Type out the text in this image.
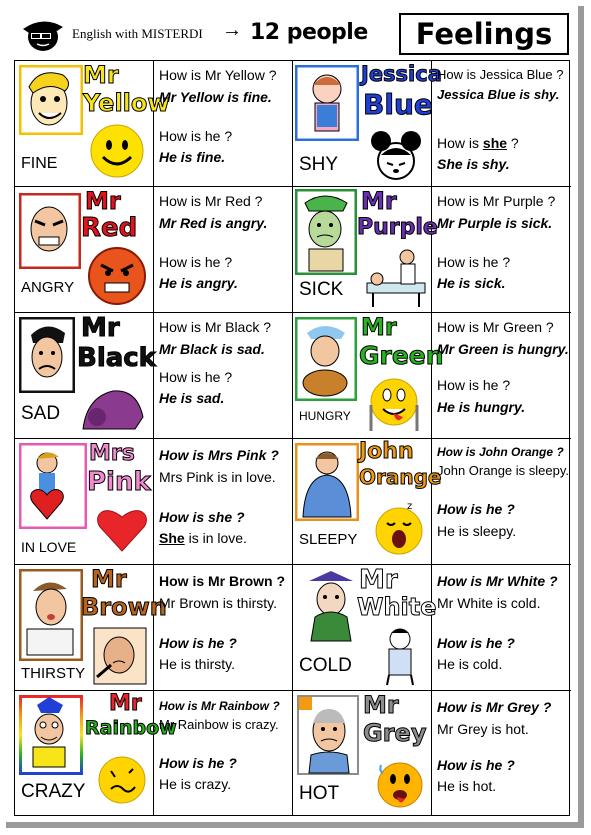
English with MISTERDI → 12 people	Feelings
Mr
Yellow
FINE
How is Mr Yellow ?
Mr Yellow is fine.
How is he ?
He is fine.
Jessica
Blue
SHY
How is Jessica Blue ?
Jessica Blue is shy.
How is she ?
She is shy.
Mr
Red
ANGRY
How is Mr Red ?
Mr Red is angry.
How is he ?
He is angry.
Mr
Purple
SICK
How is Mr Purple ?
Mr Purple is sick.
How is he ?
He is sick.
Mr
Black
SAD
How is Mr Black ?
Mr Black is sad.
How is he ?
He is sad.
Mr
Green
HUNGRY
How is Mr Green ?
Mr Green is hungry.
How is he ?
He is hungry.
Mrs
Pink
IN LOVE
How is Mrs Pink ?
Mrs Pink is in love.
How is she ?
She is in love.
John
Orange
SLEEPY
z
How is John Orange ?
John Orange is sleepy.
How is he ?
He is sleepy.
Mr
Brown
THIRSTY
How is Mr Brown ?
Mr Brown is thirsty.
How is he ?
He is thirsty.
Mr
White
COLD
How is Mr White ?
Mr White is cold.
How is he ?
He is cold.
Mr
Rainbow
CRAZY
How is Mr Rainbow ?
Mr Rainbow is crazy.
How is he ?
He is crazy.
Mr
Grey
HOT
How is Mr Grey ?
Mr Grey is hot.
How is he ?
He is hot.
